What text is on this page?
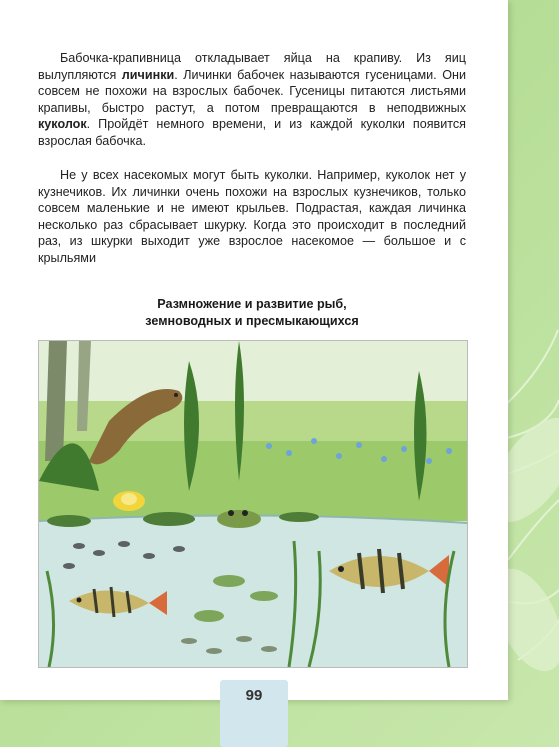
Бабочка-крапивница откладывает яйца на крапиву. Из яиц вылупляются личинки. Личинки бабочек называются гусеницами. Они совсем не похожи на взрослых бабочек. Гусеницы питаются листьями крапивы, быстро растут, а потом превращаются в неподвижных куколок. Пройдёт немного времени, и из каждой куколки появится взрослая бабочка.

Не у всех насекомых могут быть куколки. Например, куколок нет у кузнечиков. Их личинки очень похожи на взрослых кузнечиков, только совсем маленькие и не имеют крыльев. Подрастая, каждая личинка несколько раз сбрасывает шкурку. Когда это происходит в последний раз, из шкурки выходит уже взрослое насекомое — большое и с крыльями

Размножение и развитие рыб,
земноводных и пресмыкающихся
99
